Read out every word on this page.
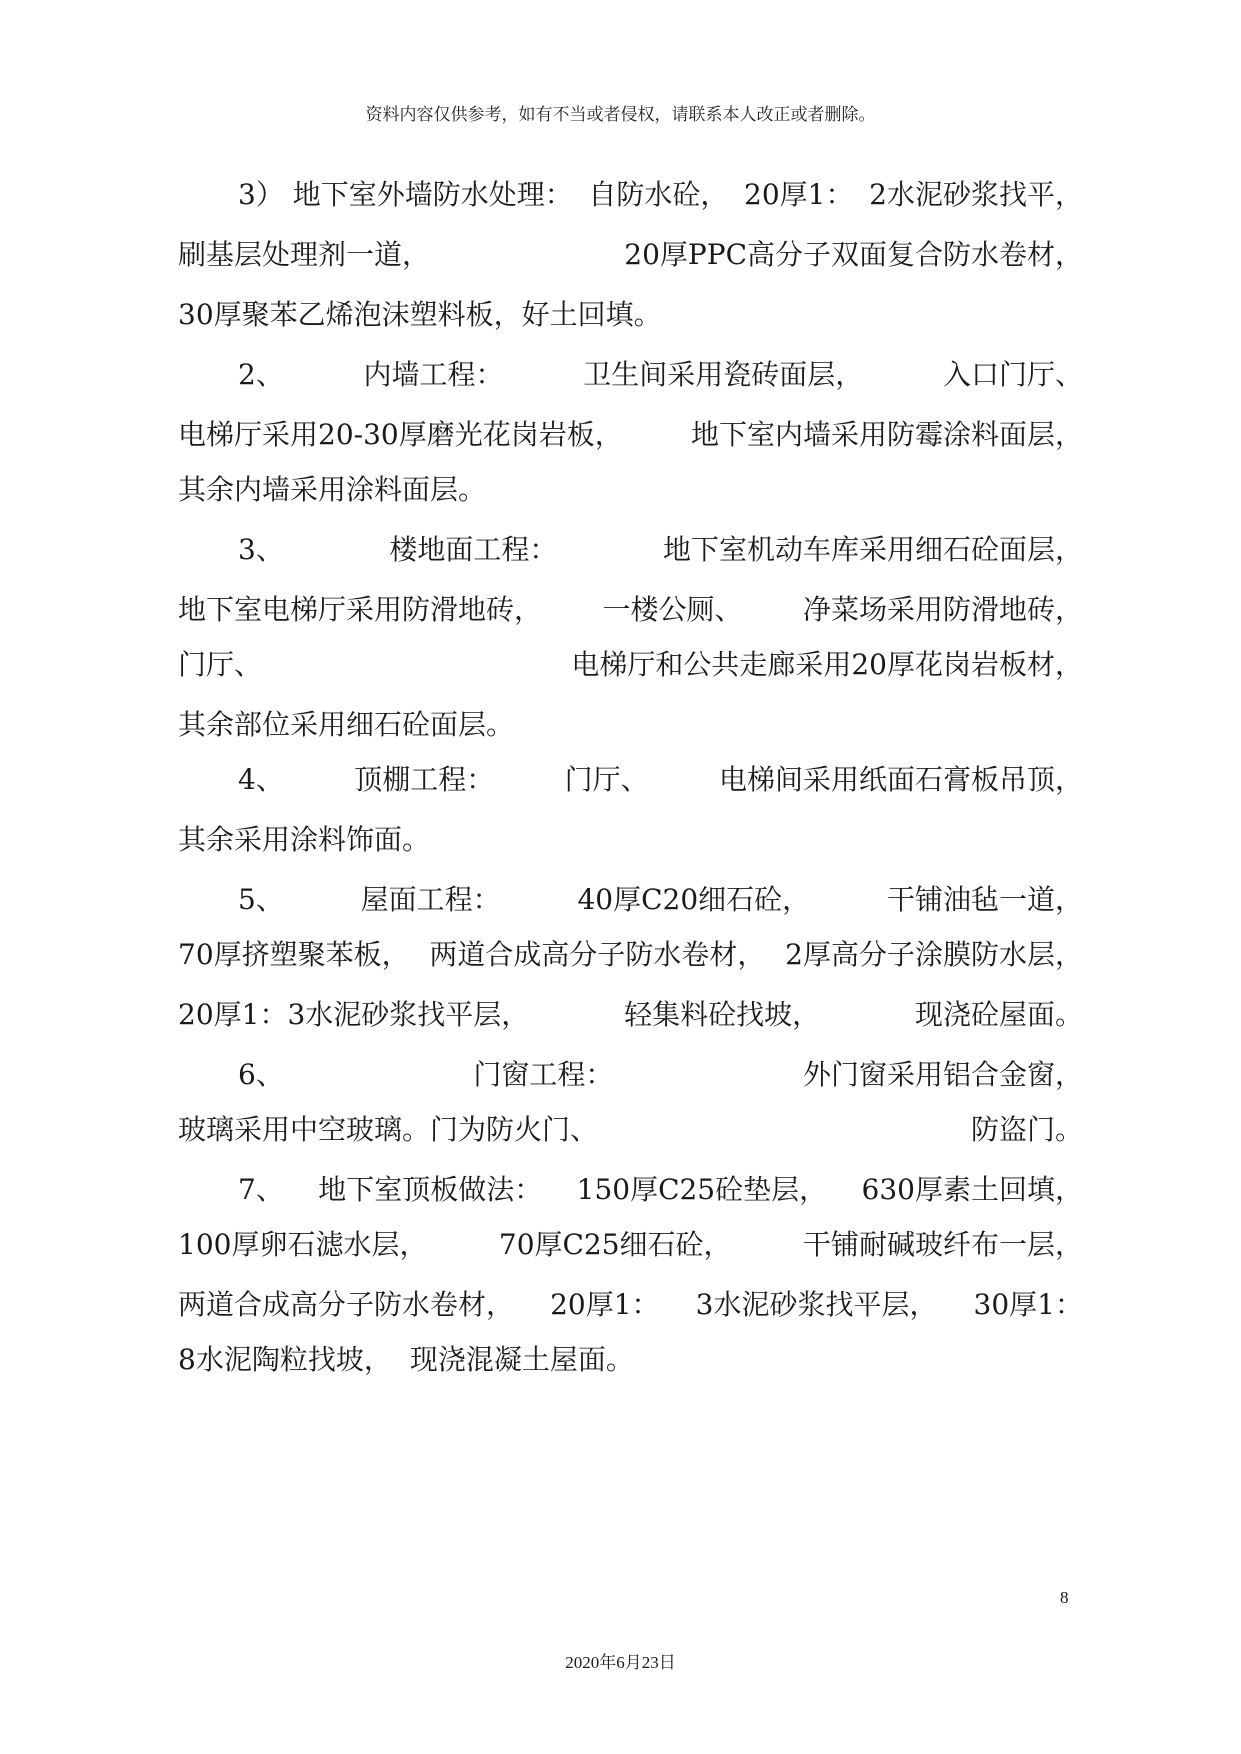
资料内容仅供参考，如有不当或者侵权，请联系本人改正或者删除。
3） 地下室外墙防水处理： 自防水砼， 20厚1： 2水泥砂浆找平，
刷基层处理剂一道，	20厚PPC高分子双面复合防水卷材，
30厚聚苯乙烯泡沫塑料板，好土回填。
2、	内墙工程：	卫生间采用瓷砖面层，	入口门厅、
电梯厅采用20-30厚磨光花岗岩板， 地下室内墙采用防霉涂料面层，
其余内墙采用涂料面层。
3、	楼地面工程：	地下室机动车库采用细石砼面层，
地下室电梯厅采用防滑地砖， 一楼公厕、 净菜场采用防滑地砖，
门厅、	电梯厅和公共走廊采用20厚花岗岩板材，
其余部位采用细石砼面层。
4、	顶棚工程：	门厅、	电梯间采用纸面石膏板吊顶，
其余采用涂料饰面。
5、	屋面工程：	40厚C20细石砼，	干铺油毡一道，
70厚挤塑聚苯板， 两道合成高分子防水卷材， 2厚高分子涂膜防水层，
20厚1：3水泥砂浆找平层，	轻集料砼找坡，	现浇砼屋面。
6、	门窗工程：	外门窗采用铝合金窗，
玻璃采用中空玻璃。门为防火门、	防盗门。
7、 地下室顶板做法： 150厚C25砼垫层， 630厚素土回填，
100厚卵石滤水层，	70厚C25细石砼，	干铺耐碱玻纤布一层，
两道合成高分子防水卷材， 20厚1： 3水泥砂浆找平层， 30厚1：
8水泥陶粒找坡， 现浇混凝土屋面。
8
2020年6月23日
